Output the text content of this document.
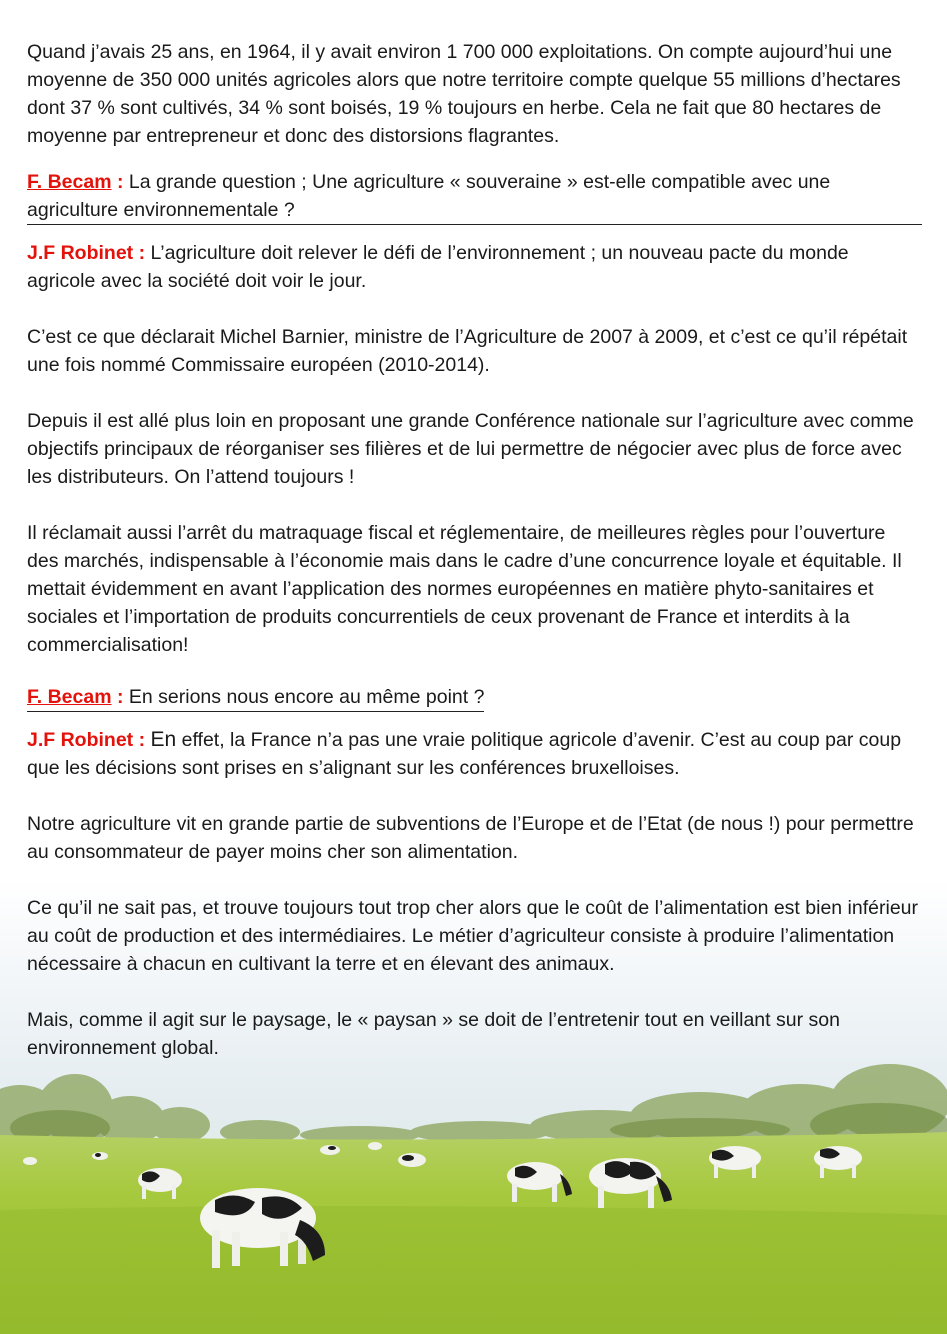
Quand j’avais 25 ans, en 1964, il y avait environ 1 700 000 exploitations. On compte aujourd’hui une moyenne de 350 000 unités agricoles alors que notre territoire compte quelque 55 millions d’hectares dont 37 % sont cultivés, 34 % sont boisés, 19 % toujours en herbe. Cela ne fait que 80 hectares de moyenne par entrepreneur et donc des distorsions flagrantes.

F. Becam : La grande question ; Une agriculture « souveraine » est-elle compatible avec une agriculture environnementale ?

J.F Robinet : L’agriculture doit relever le défi de l’environnement ; un nouveau pacte du monde agricole avec la société doit voir le jour.

C’est ce que déclarait Michel Barnier, ministre de l’Agriculture de 2007 à 2009, et c’est ce qu’il répétait une fois nommé Commissaire européen (2010-2014).

Depuis il est allé plus loin en proposant une grande Conférence nationale sur l’agriculture avec comme objectifs principaux de réorganiser ses filières et de lui permettre de négocier avec plus de force avec les distributeurs. On l’attend toujours !

Il réclamait aussi l’arrêt du matraquage fiscal et réglementaire, de meilleures règles pour l’ouverture des marchés, indispensable à l’économie mais dans le cadre d’une concurrence loyale et équitable. Il mettait évidemment en avant l’application des normes européennes en matière phyto-sanitaires et sociales et l’importation de produits concurrentiels de ceux provenant de France et interdits à la commercialisation!

F. Becam : En serions nous encore au même point ?

J.F Robinet : En effet, la France n’a pas une vraie politique agricole d’avenir. C’est au coup par coup que les décisions sont prises en s’alignant sur les conférences bruxelloises.

Notre agriculture vit en grande partie de subventions de l’Europe et de l’Etat (de nous !) pour permettre au consommateur de payer moins cher son alimentation.

Ce qu’il ne sait pas, et trouve toujours tout trop cher alors que le coût de l’alimentation est bien inférieur au coût de production et des intermédiaires. Le métier d’agriculteur consiste à produire l’alimentation nécessaire à chacun en cultivant la terre et en élevant des animaux.

Mais, comme il agit sur le paysage, le « paysan » se doit de l’entretenir tout en veillant sur son environnement global.
